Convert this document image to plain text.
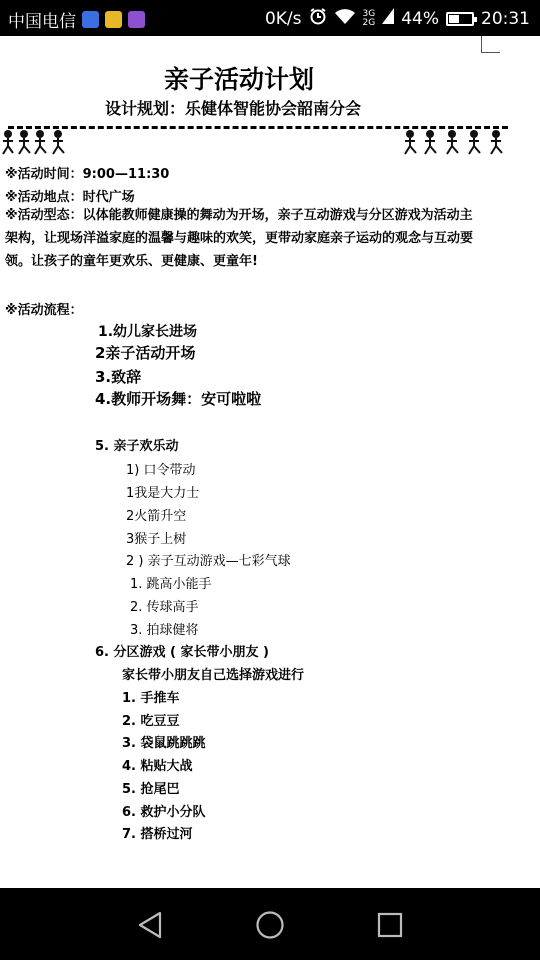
中国电信	0K/s	3G
2G 44% 20:31
亲子活动计划
设计规划：乐健体智能协会韶南分会
※活动时间：9:00—11:30
※活动地点：时代广场
※活动型态：以体能教师健康操的舞动为开场，亲子互动游戏与分区游戏为活动主架构，让现场洋溢家庭的温馨与趣味的欢笑，更带动家庭亲子运动的观念与互动要领。让孩子的童年更欢乐、更健康、更童年!
※活动流程：
1.幼儿家长进场
2亲子活动开场
3.致辞
4.教师开场舞：安可啦啦
5. 亲子欢乐动
1) 口令带动
1我是大力士
2火箭升空
3猴子上树
2 ) 亲子互动游戏—七彩气球
1. 跳高小能手
2. 传球高手
3. 拍球健将
6. 分区游戏 ( 家长带小朋友 )
家长带小朋友自己选择游戏进行
1. 手推车
2. 吃豆豆
3. 袋鼠跳跳跳
4. 粘贴大战
5. 抢尾巴
6. 救护小分队
7. 搭桥过河
